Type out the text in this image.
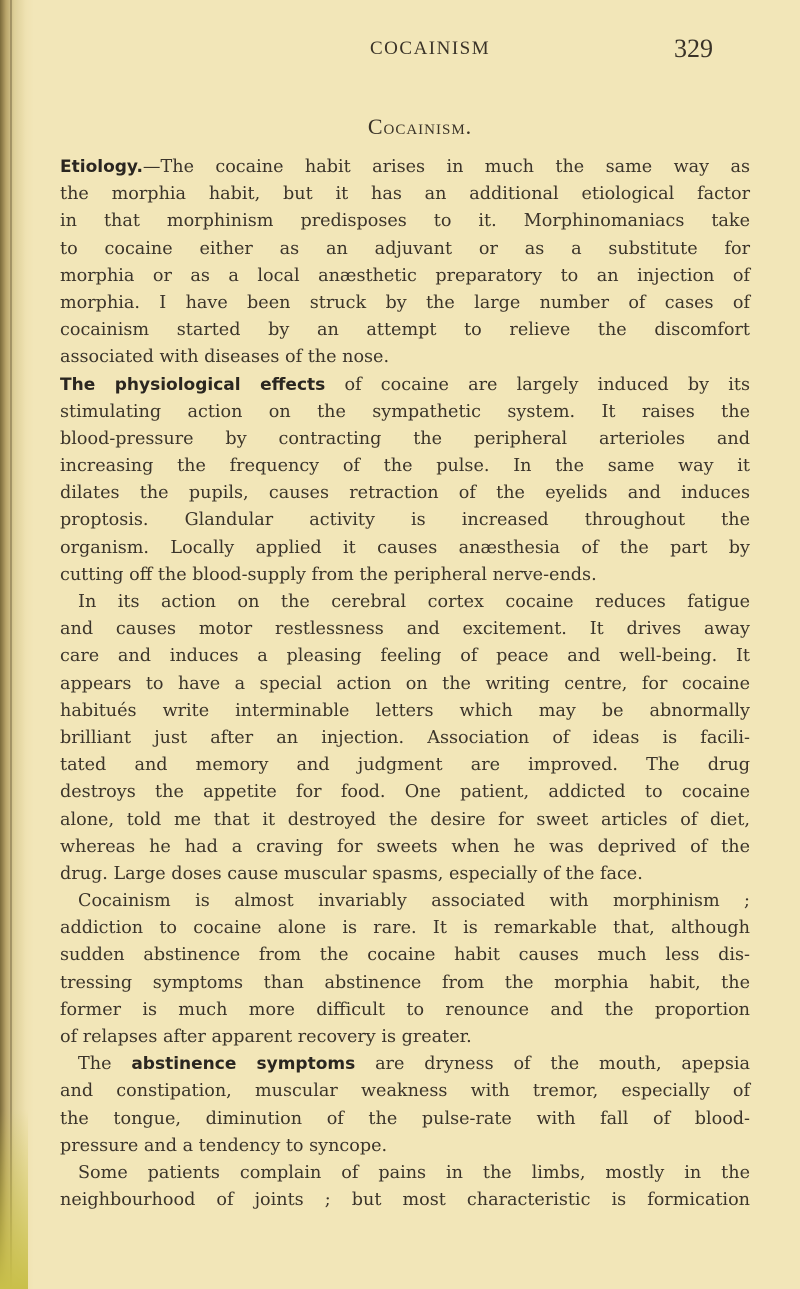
COCAINISM	329
Cocainism.
Etiology.—The cocaine habit arises in much the same way as
the morphia habit, but it has an additional etiological factor
in that morphinism predisposes to it. Morphinomaniacs take
to cocaine either as an adjuvant or as a substitute for
morphia or as a local anæsthetic preparatory to an injection of
morphia. I have been struck by the large number of cases of
cocainism started by an attempt to relieve the discomfort
associated with diseases of the nose.
The physiological effects of cocaine are largely induced by its
stimulating action on the sympathetic system. It raises the
blood-pressure by contracting the peripheral arterioles and
increasing the frequency of the pulse. In the same way it
dilates the pupils, causes retraction of the eyelids and induces
proptosis. Glandular activity is increased throughout the
organism. Locally applied it causes anæsthesia of the part by
cutting off the blood-supply from the peripheral nerve-ends.
In its action on the cerebral cortex cocaine reduces fatigue
and causes motor restlessness and excitement. It drives away
care and induces a pleasing feeling of peace and well-being. It
appears to have a special action on the writing centre, for cocaine
habitués write interminable letters which may be abnormally
brilliant just after an injection. Association of ideas is facili-
tated and memory and judgment are improved. The drug
destroys the appetite for food. One patient, addicted to cocaine
alone, told me that it destroyed the desire for sweet articles of diet,
whereas he had a craving for sweets when he was deprived of the
drug. Large doses cause muscular spasms, especially of the face.
Cocainism is almost invariably associated with morphinism ;
addiction to cocaine alone is rare. It is remarkable that, although
sudden abstinence from the cocaine habit causes much less dis-
tressing symptoms than abstinence from the morphia habit, the
former is much more difficult to renounce and the proportion
of relapses after apparent recovery is greater.
The abstinence symptoms are dryness of the mouth, apepsia
and constipation, muscular weakness with tremor, especially of
the tongue, diminution of the pulse-rate with fall of blood-
pressure and a tendency to syncope.
Some patients complain of pains in the limbs, mostly in the
neighbourhood of joints ; but most characteristic is formication
